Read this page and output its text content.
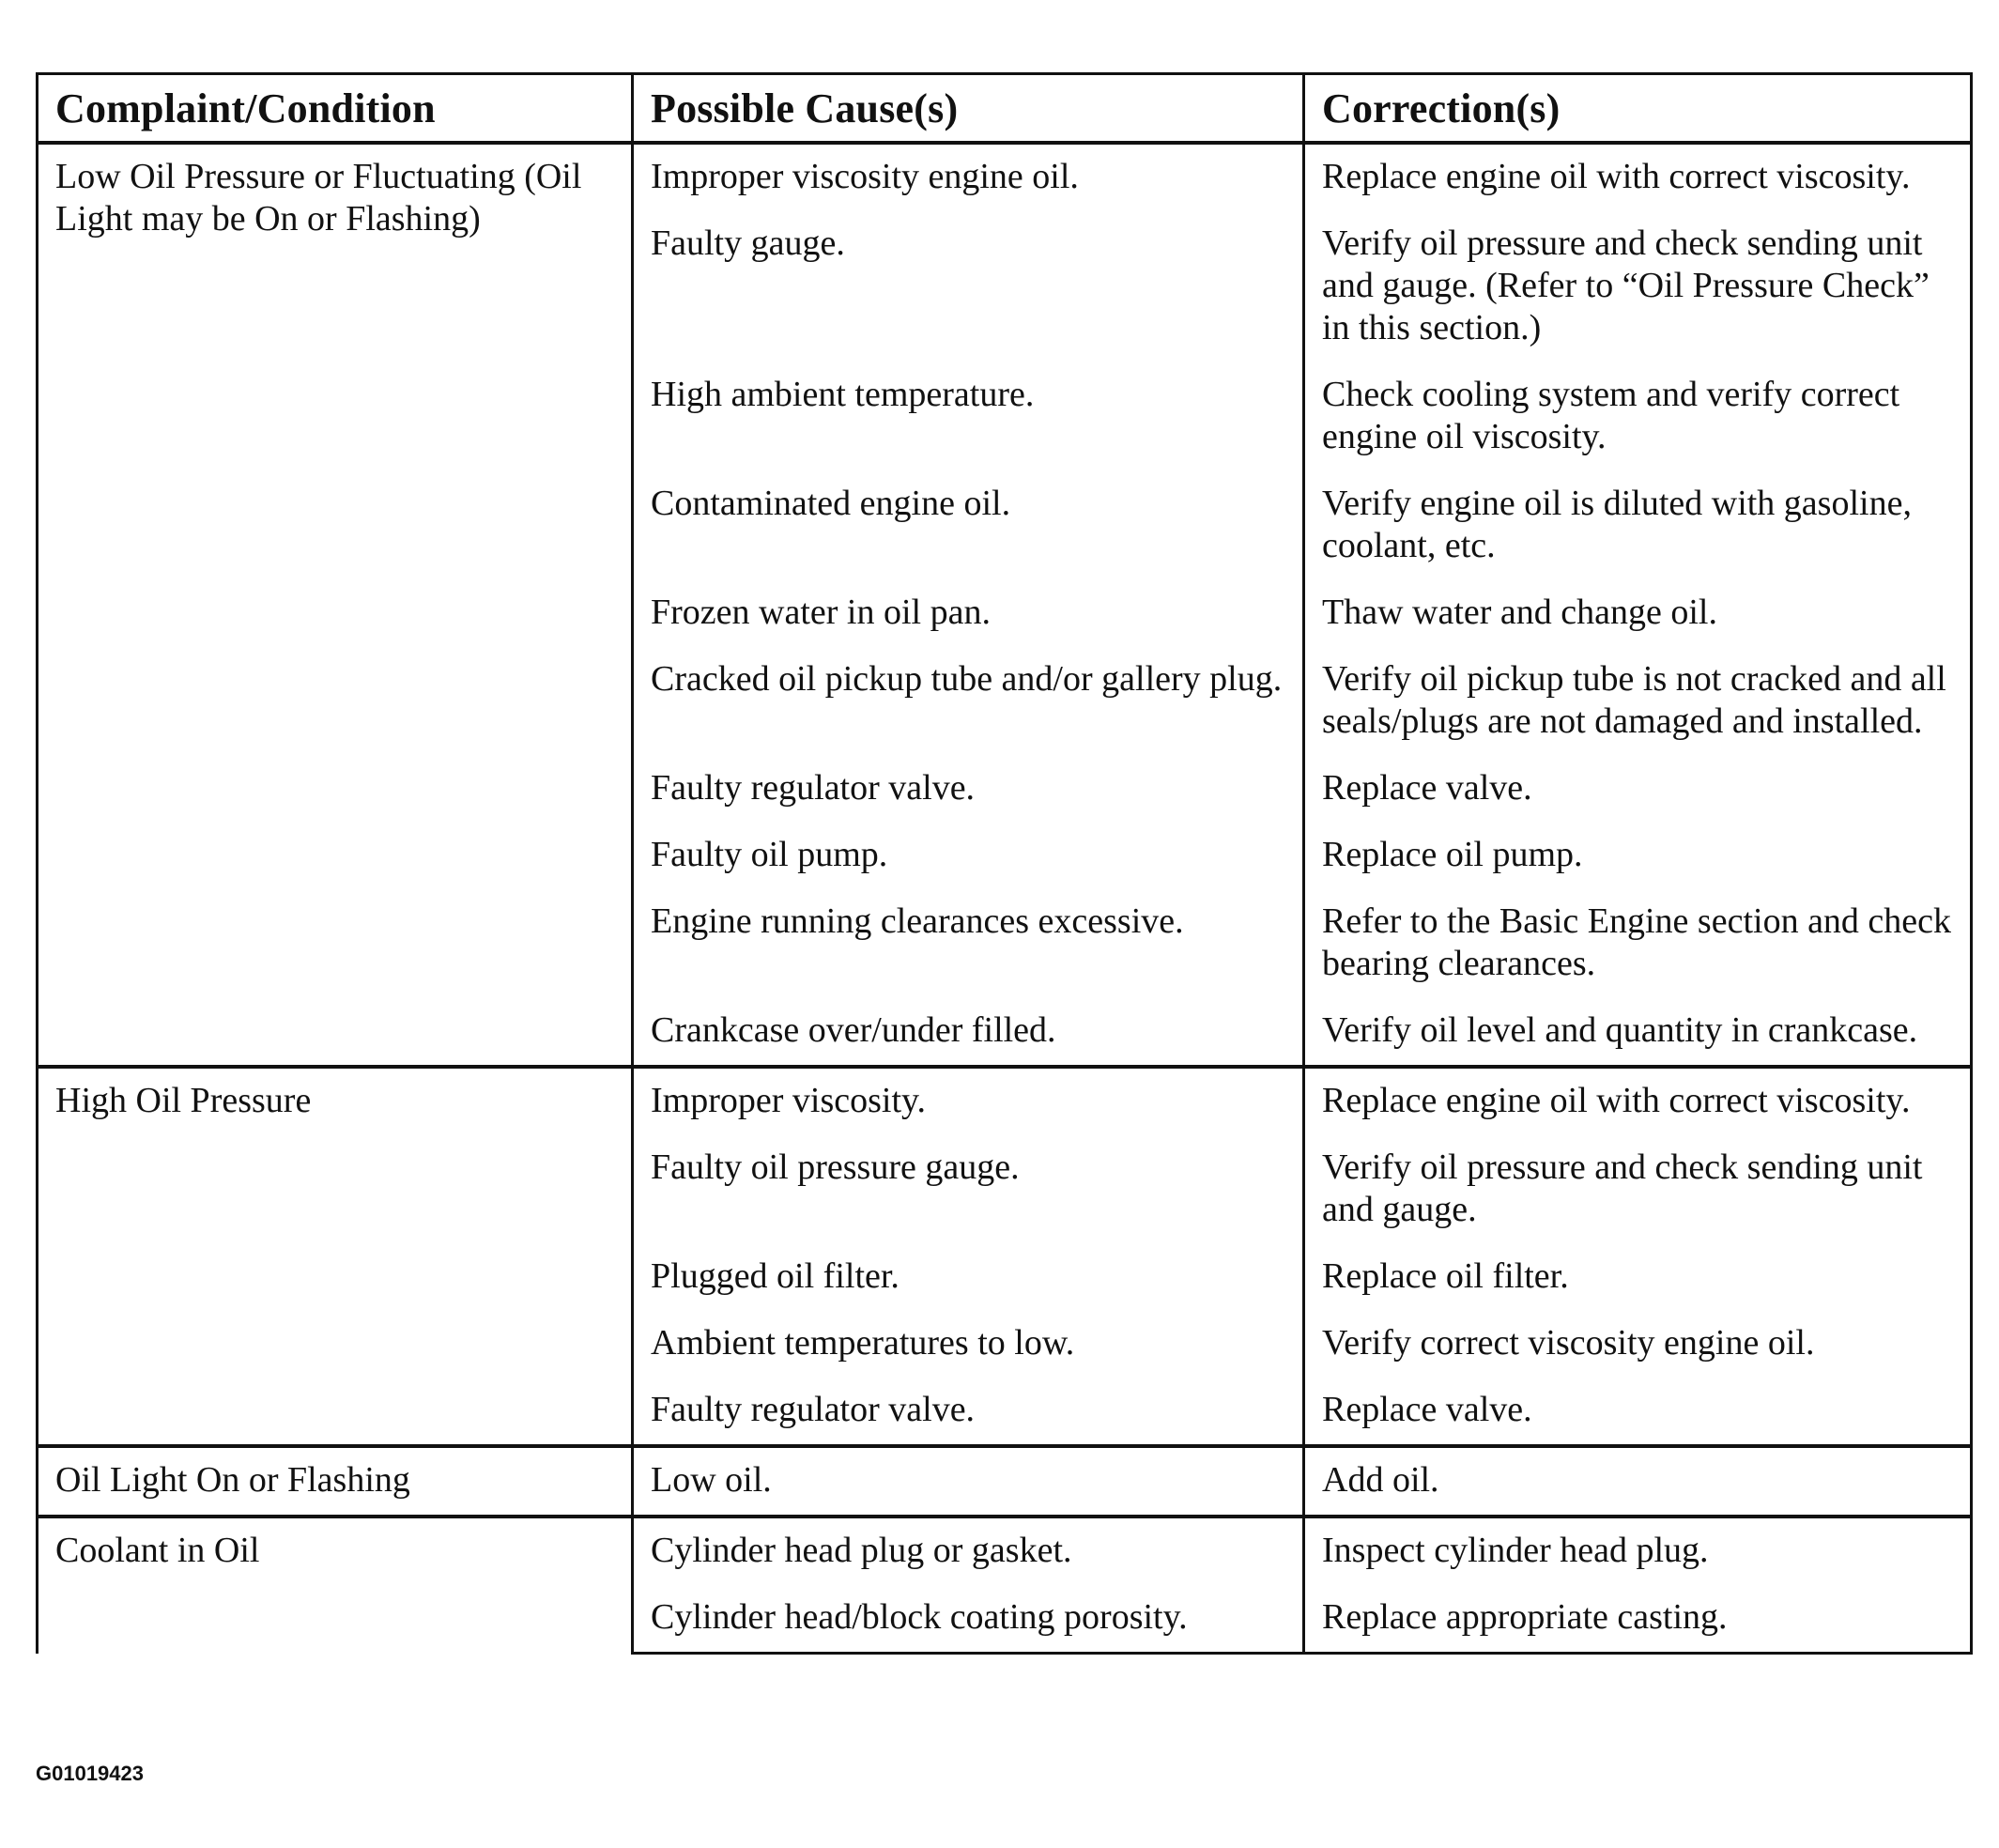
Complaint/Condition	Possible Cause(s)	Correction(s)
Low Oil Pressure or Fluctuating (Oil Light may be On or Flashing)	Improper viscosity engine oil.	Replace engine oil with correct viscosity.
	Faulty gauge.	Verify oil pressure and check sending unit and gauge. (Refer to “Oil Pressure Check” in this section.)
	High ambient temperature.	Check cooling system and verify correct engine oil viscosity.
	Contaminated engine oil.	Verify engine oil is diluted with gasoline, coolant, etc.
	Frozen water in oil pan.	Thaw water and change oil.
	Cracked oil pickup tube and/or gallery plug.	Verify oil pickup tube is not cracked and all seals/plugs are not damaged and installed.
	Faulty regulator valve.	Replace valve.
	Faulty oil pump.	Replace oil pump.
	Engine running clearances excessive.	Refer to the Basic Engine section and check bearing clearances.
	Crankcase over/under filled.	Verify oil level and quantity in crankcase.
High Oil Pressure	Improper viscosity.	Replace engine oil with correct viscosity.
	Faulty oil pressure gauge.	Verify oil pressure and check sending unit and gauge.
	Plugged oil filter.	Replace oil filter.
	Ambient temperatures to low.	Verify correct viscosity engine oil.
	Faulty regulator valve.	Replace valve.
Oil Light On or Flashing	Low oil.	Add oil.
Coolant in Oil	Cylinder head plug or gasket.	Inspect cylinder head plug.
	Cylinder head/block coating porosity.	Replace appropriate casting.
G01019423
